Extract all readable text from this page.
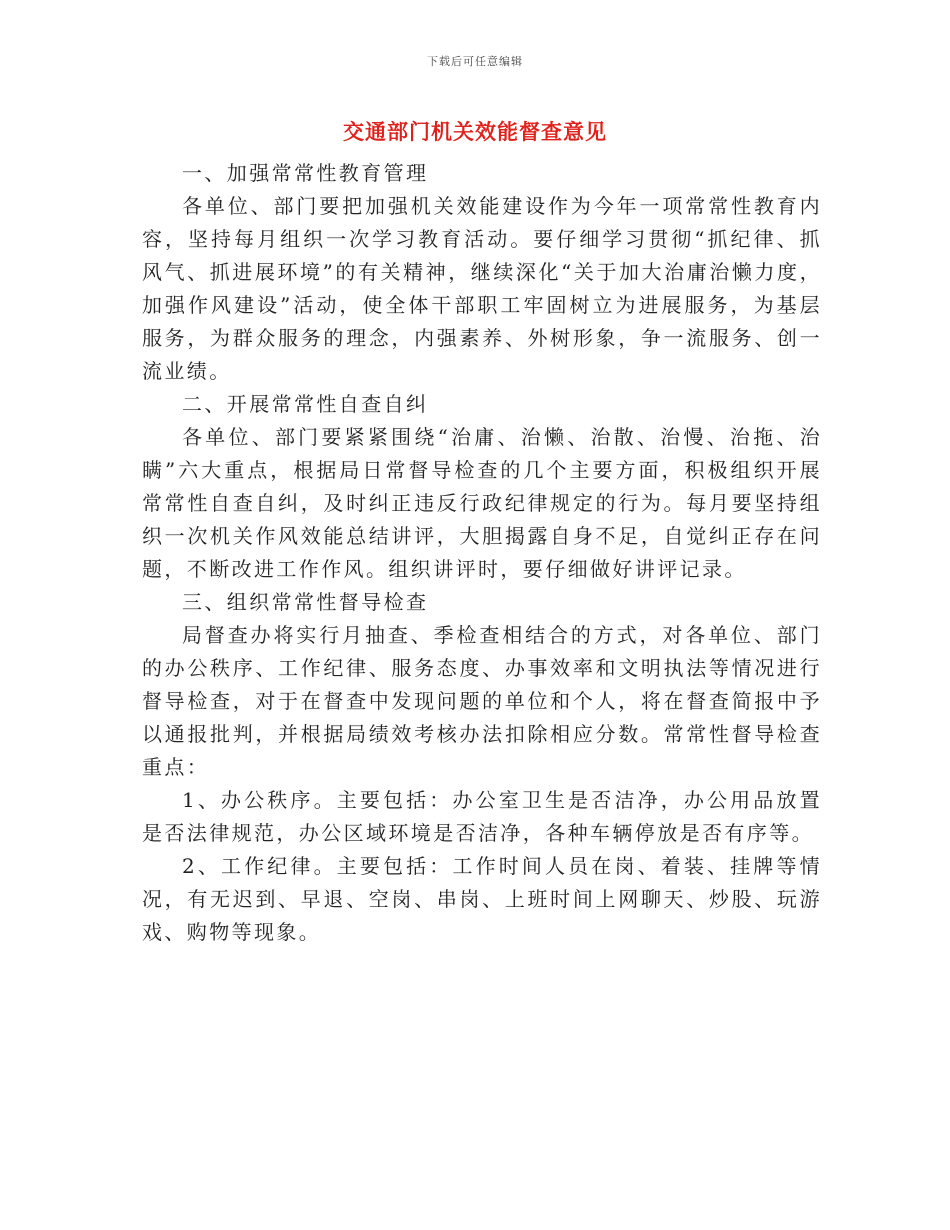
下载后可任意编辑
交通部门机关效能督查意见

一、加强常常性教育管理

各单位、部门要把加强机关效能建设作为今年一项常常性教育内容，坚持每月组织一次学习教育活动。要仔细学习贯彻“抓纪律、抓风气、抓进展环境”的有关精神，继续深化“关于加大治庸治懒力度，加强作风建设”活动，使全体干部职工牢固树立为进展服务，为基层服务，为群众服务的理念，内强素养、外树形象，争一流服务、创一流业绩。

二、开展常常性自查自纠

各单位、部门要紧紧围绕“治庸、治懒、治散、治慢、治拖、治瞒”六大重点，根据局日常督导检查的几个主要方面，积极组织开展常常性自查自纠，及时纠正违反行政纪律规定的行为。每月要坚持组织一次机关作风效能总结讲评，大胆揭露自身不足，自觉纠正存在问题，不断改进工作作风。组织讲评时，要仔细做好讲评记录。

三、组织常常性督导检查

局督查办将实行月抽查、季检查相结合的方式，对各单位、部门的办公秩序、工作纪律、服务态度、办事效率和文明执法等情况进行督导检查，对于在督查中发现问题的单位和个人，将在督查简报中予以通报批判，并根据局绩效考核办法扣除相应分数。常常性督导检查重点：

1、办公秩序。主要包括：办公室卫生是否洁净，办公用品放置是否法律规范，办公区域环境是否洁净，各种车辆停放是否有序等。

2、工作纪律。主要包括：工作时间人员在岗、着装、挂牌等情况，有无迟到、早退、空岗、串岗、上班时间上网聊天、炒股、玩游戏、购物等现象。
